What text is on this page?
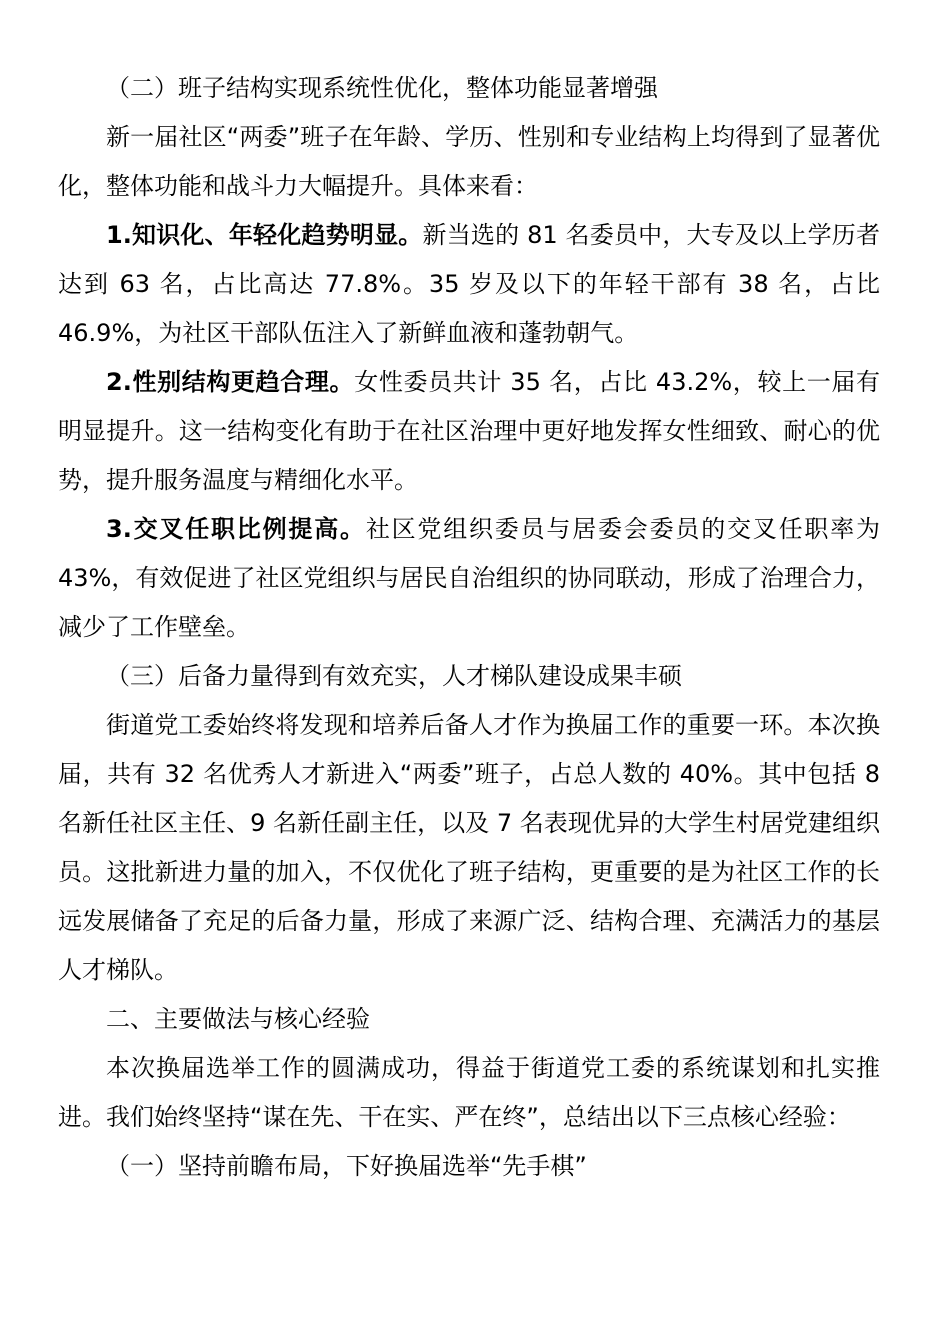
（二）班子结构实现系统性优化，整体功能显著增强

新一届社区“两委”班子在年龄、学历、性别和专业结构上均得到了显著优化，整体功能和战斗力大幅提升。具体来看：

1.知识化、年轻化趋势明显。新当选的 81 名委员中，大专及以上学历者达到 63 名，占比高达 77.8%。35 岁及以下的年轻干部有 38 名，占比 46.9%，为社区干部队伍注入了新鲜血液和蓬勃朝气。

2.性别结构更趋合理。女性委员共计 35 名，占比 43.2%，较上一届有明显提升。这一结构变化有助于在社区治理中更好地发挥女性细致、耐心的优势，提升服务温度与精细化水平。

3.交叉任职比例提高。社区党组织委员与居委会委员的交叉任职率为 43%，有效促进了社区党组织与居民自治组织的协同联动，形成了治理合力，减少了工作壁垒。

（三）后备力量得到有效充实，人才梯队建设成果丰硕

街道党工委始终将发现和培养后备人才作为换届工作的重要一环。本次换届，共有 32 名优秀人才新进入“两委”班子，占总人数的 40%。其中包括 8 名新任社区主任、9 名新任副主任，以及 7 名表现优异的大学生村居党建组织员。这批新进力量的加入，不仅优化了班子结构，更重要的是为社区工作的长远发展储备了充足的后备力量，形成了来源广泛、结构合理、充满活力的基层人才梯队。

二、主要做法与核心经验

本次换届选举工作的圆满成功，得益于街道党工委的系统谋划和扎实推进。我们始终坚持“谋在先、干在实、严在终”，总结出以下三点核心经验：

（一）坚持前瞻布局，下好换届选举“先手棋”
